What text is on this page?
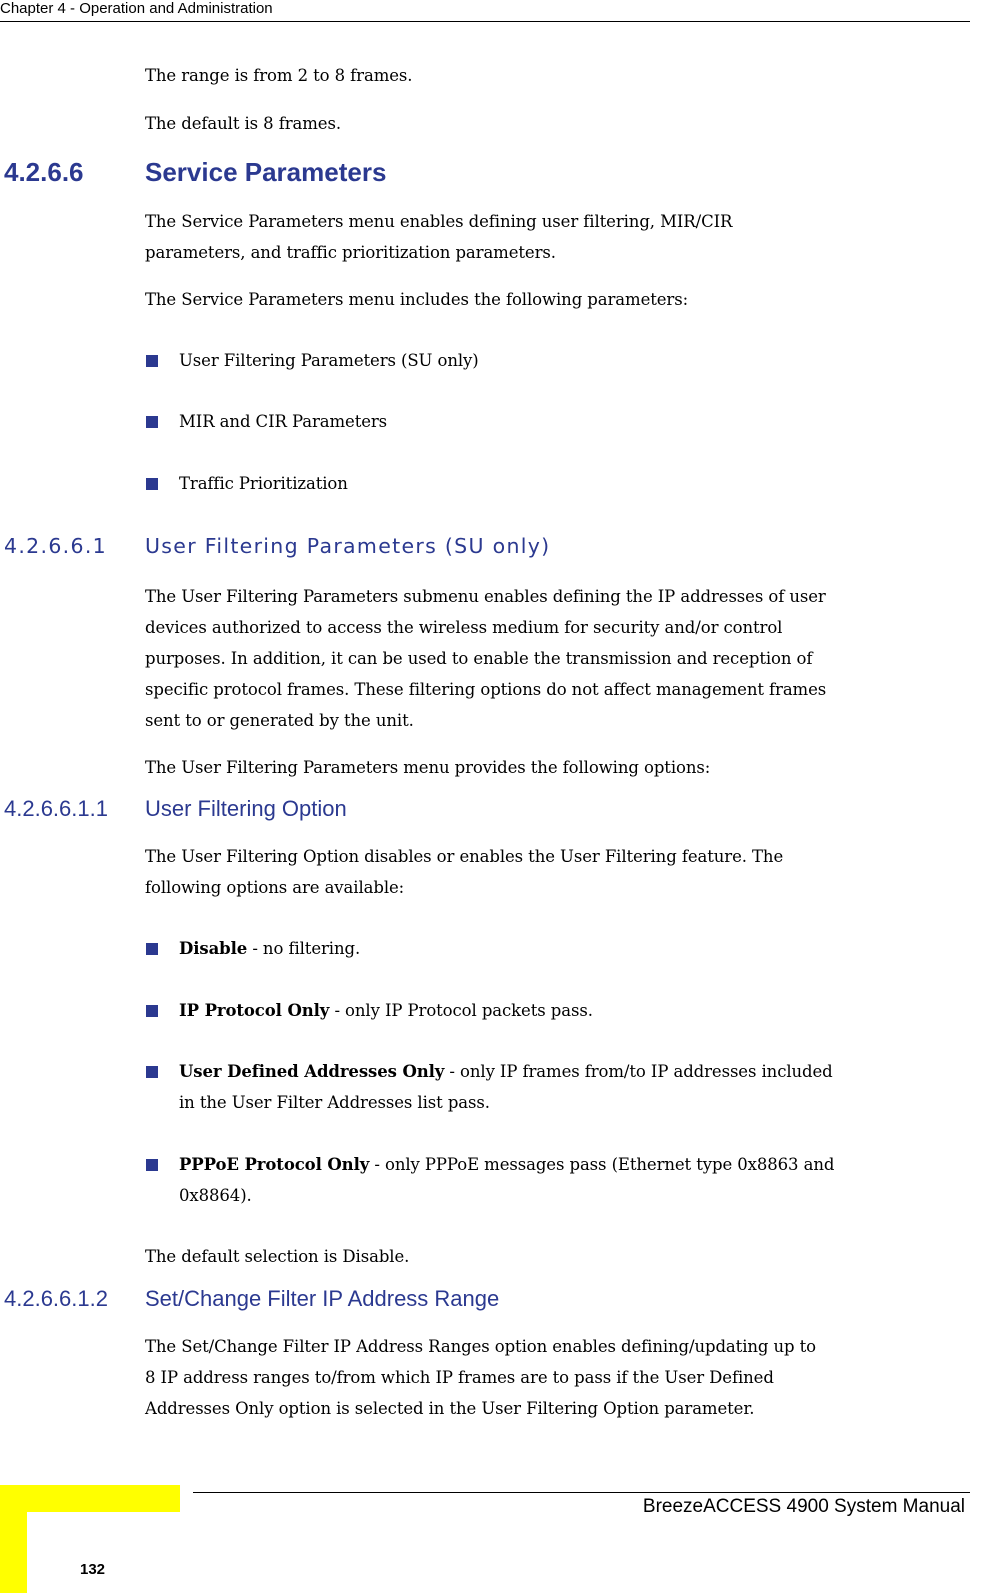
Chapter 4 - Operation and Administration
The range is from 2 to 8 frames.
The default is 8 frames.
4.2.6.6 Service Parameters
The Service Parameters menu enables defining user filtering, MIR/CIR
parameters, and traffic prioritization parameters.
The Service Parameters menu includes the following parameters:
User Filtering Parameters (SU only)
MIR and CIR Parameters
Traffic Prioritization
4.2.6.6.1 User Filtering Parameters (SU only)
The User Filtering Parameters submenu enables defining the IP addresses of user
devices authorized to access the wireless medium for security and/or control
purposes. In addition, it can be used to enable the transmission and reception of
specific protocol frames. These filtering options do not affect management frames
sent to or generated by the unit.
The User Filtering Parameters menu provides the following options:
4.2.6.6.1.1 User Filtering Option
The User Filtering Option disables or enables the User Filtering feature. The
following options are available:
Disable - no filtering.
IP Protocol Only - only IP Protocol packets pass.
User Defined Addresses Only - only IP frames from/to IP addresses included
in the User Filter Addresses list pass.
PPPoE Protocol Only - only PPPoE messages pass (Ethernet type 0x8863 and
0x8864).
The default selection is Disable.
4.2.6.6.1.2 Set/Change Filter IP Address Range
The Set/Change Filter IP Address Ranges option enables defining/updating up to
8 IP address ranges to/from which IP frames are to pass if the User Defined
Addresses Only option is selected in the User Filtering Option parameter.
BreezeACCESS 4900 System Manual
132
